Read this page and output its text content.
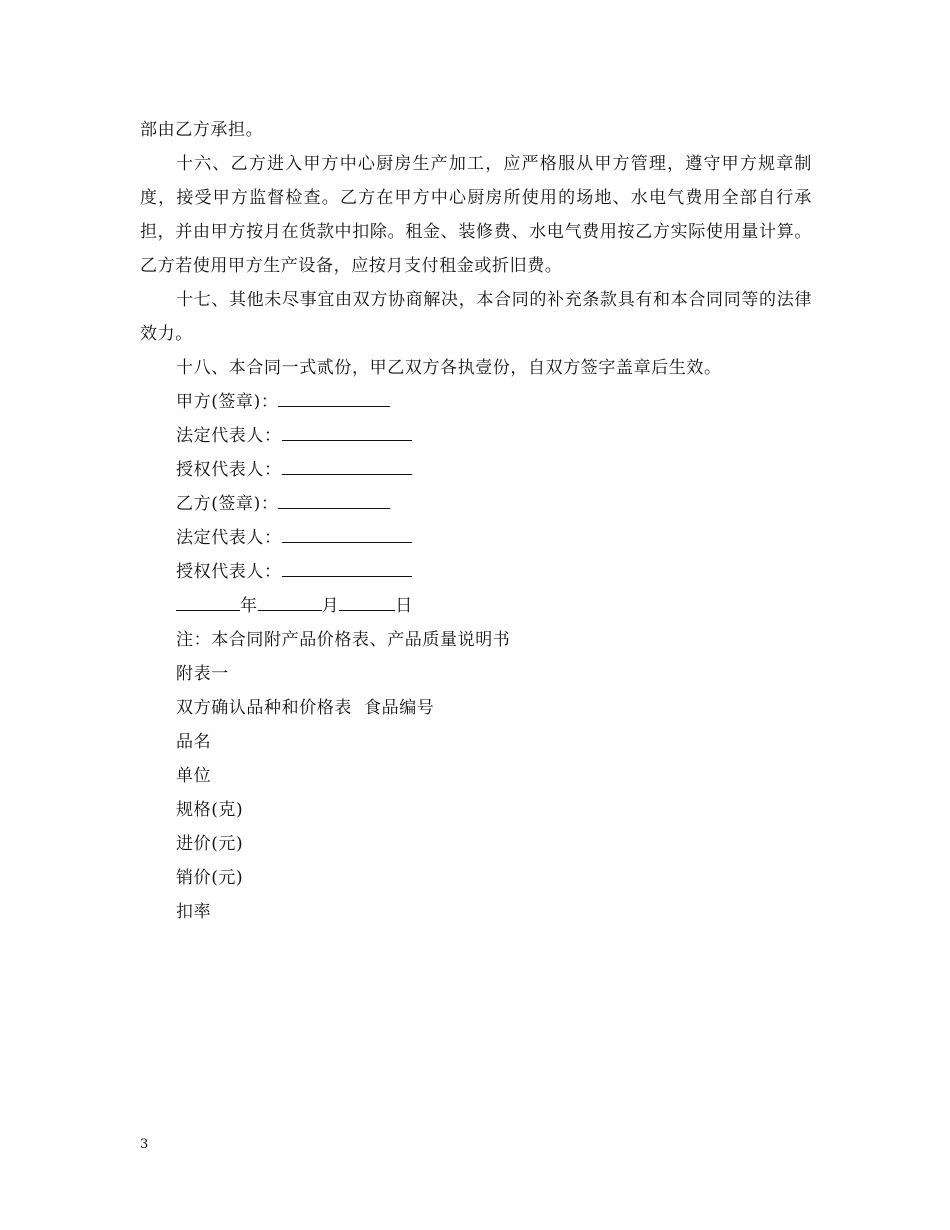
部由乙方承担。

十六、乙方进入甲方中心厨房生产加工，应严格服从甲方管理，遵守甲方规章制度，接受甲方监督检查。乙方在甲方中心厨房所使用的场地、水电气费用全部自行承担，并由甲方按月在货款中扣除。租金、装修费、水电气费用按乙方实际使用量计算。乙方若使用甲方生产设备，应按月支付租金或折旧费。

十七、其他未尽事宜由双方协商解决，本合同的补充条款具有和本合同同等的法律效力。

十八、本合同一式贰份，甲乙双方各执壹份，自双方签字盖章后生效。

甲方(签章)：
法定代表人：
授权代表人：
乙方(签章)：
法定代表人：
授权代表人：
年	月	日
注：本合同附产品价格表、产品质量说明书
附表一
双方确认品种和价格表  食品编号
品名
单位
规格(克)
进价(元)
销价(元)
扣率
3
